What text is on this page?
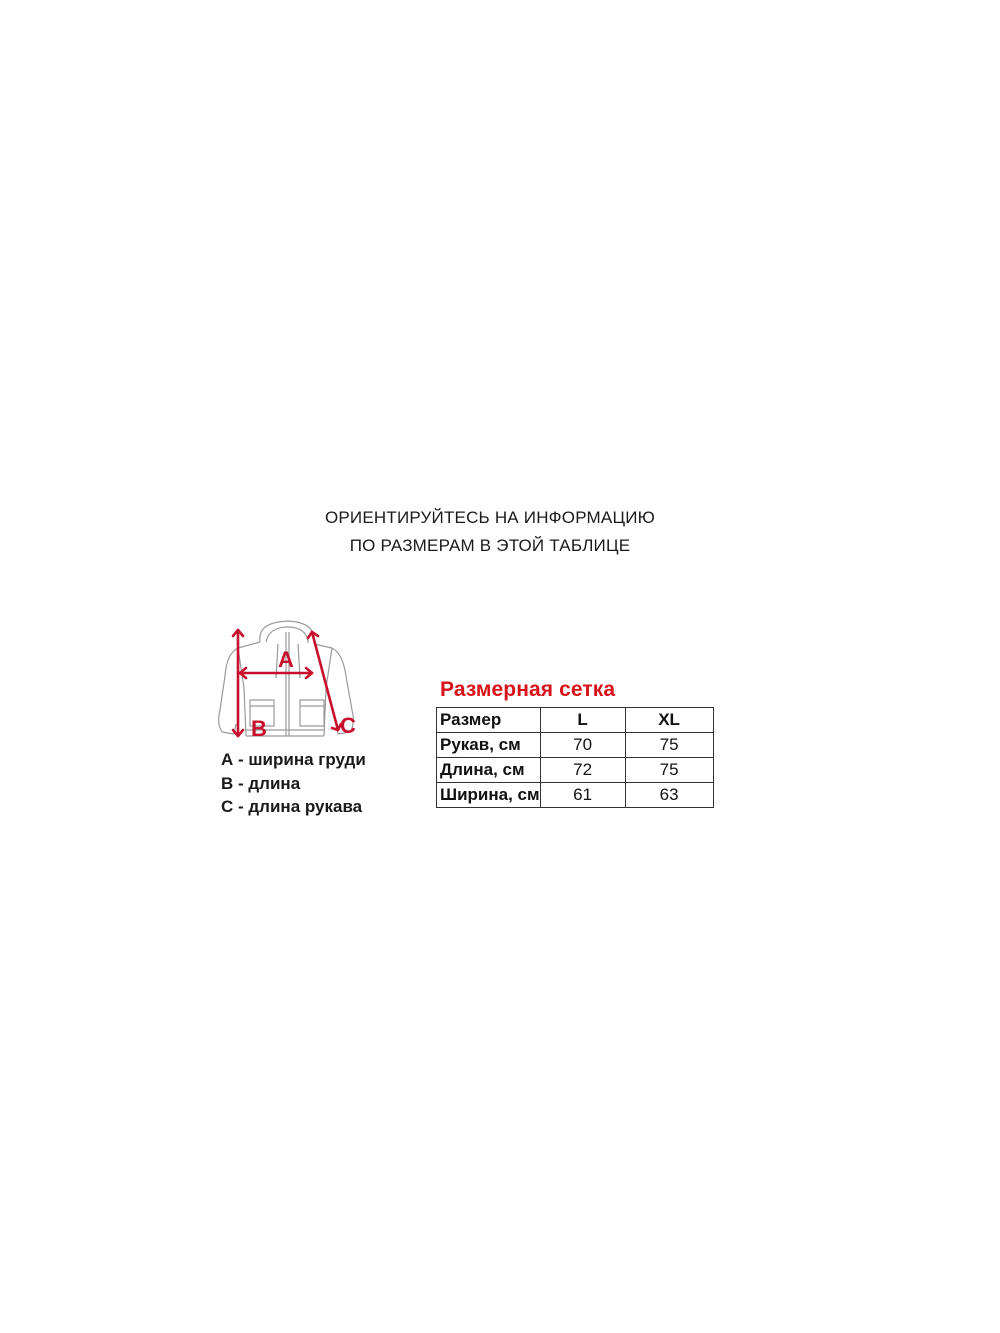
ОРИЕНТИРУЙТЕСЬ НА ИНФОРМАЦИЮ
ПО РАЗМЕРАМ В ЭТОЙ ТАБЛИЦЕ
A
B	C
А - ширина груди
В - длина
С - длина рукава
Размерная сетка
Размер	L	XL
Рукав, см	70	75
Длина, см	72	75
Ширина, см	61	63
